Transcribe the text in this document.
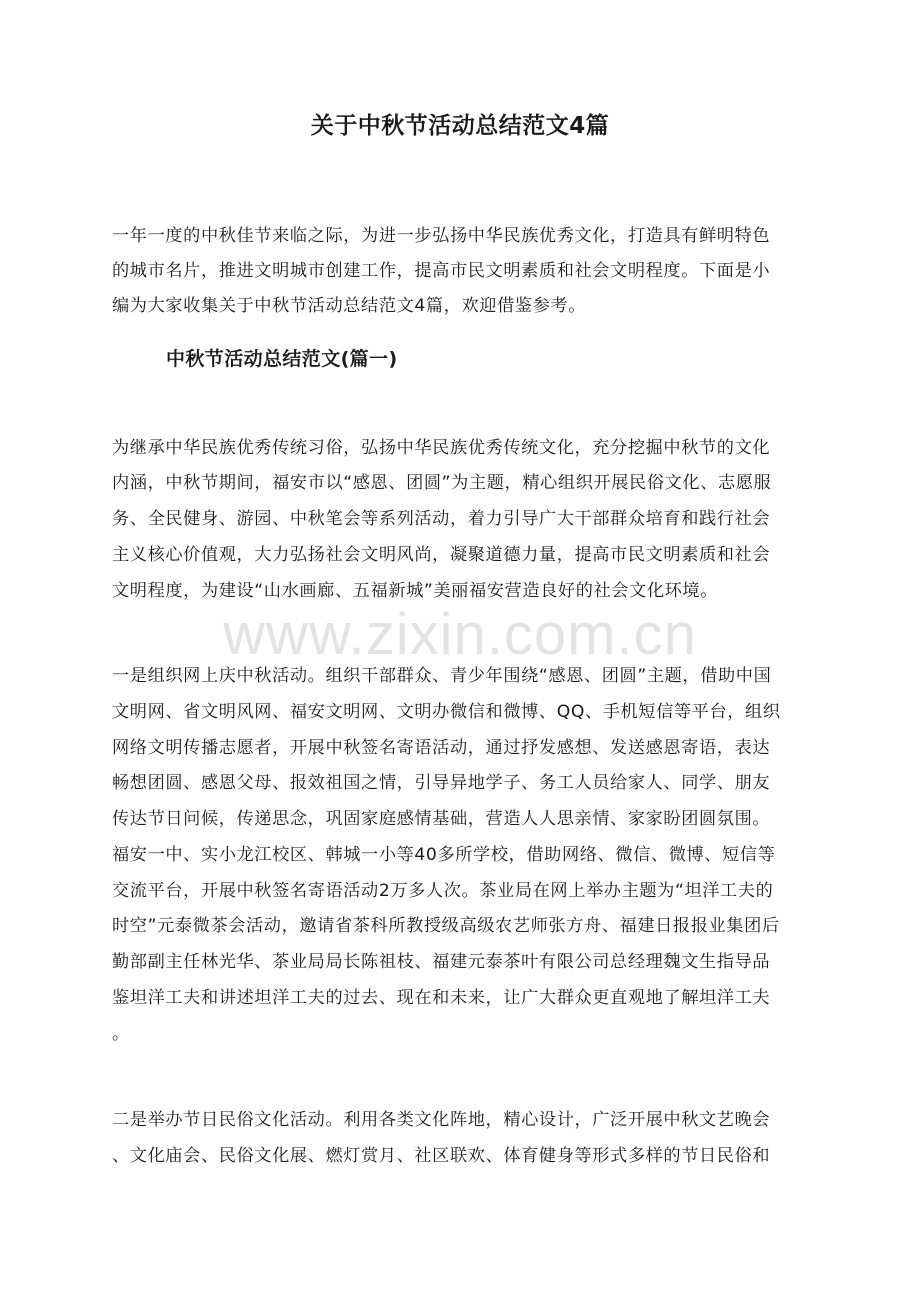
www.zixin.com.cn
关于中秋节活动总结范文4篇
一年一度的中秋佳节来临之际，为进一步弘扬中华民族优秀文化，打造具有鲜明特色
的城市名片，推进文明城市创建工作，提高市民文明素质和社会文明程度。下面是小
编为大家收集关于中秋节活动总结范文4篇，欢迎借鉴参考。
中秋节活动总结范文(篇一)
为继承中华民族优秀传统习俗，弘扬中华民族优秀传统文化，充分挖掘中秋节的文化
内涵，中秋节期间，福安市以“感恩、团圆”为主题，精心组织开展民俗文化、志愿服
务、全民健身、游园、中秋笔会等系列活动，着力引导广大干部群众培育和践行社会
主义核心价值观，大力弘扬社会文明风尚，凝聚道德力量，提高市民文明素质和社会
文明程度，为建设“山水画廊、五福新城”美丽福安营造良好的社会文化环境。
一是组织网上庆中秋活动。组织干部群众、青少年围绕“感恩、团圆”主题，借助中国
文明网、省文明风网、福安文明网、文明办微信和微博、QQ、手机短信等平台，组织
网络文明传播志愿者，开展中秋签名寄语活动，通过抒发感想、发送感恩寄语，表达
畅想团圆、感恩父母、报效祖国之情，引导异地学子、务工人员给家人、同学、朋友
传达节日问候，传递思念，巩固家庭感情基础，营造人人思亲情、家家盼团圆氛围。
福安一中、实小龙江校区、韩城一小等40多所学校，借助网络、微信、微博、短信等
交流平台，开展中秋签名寄语活动2万多人次。茶业局在网上举办主题为“坦洋工夫的
时空”元泰微茶会活动，邀请省茶科所教授级高级农艺师张方舟、福建日报报业集团后
勤部副主任林光华、茶业局局长陈祖枝、福建元泰茶叶有限公司总经理魏文生指导品
鉴坦洋工夫和讲述坦洋工夫的过去、现在和未来，让广大群众更直观地了解坦洋工夫
。
二是举办节日民俗文化活动。利用各类文化阵地，精心设计，广泛开展中秋文艺晚会
、文化庙会、民俗文化展、燃灯赏月、社区联欢、体育健身等形式多样的节日民俗和
